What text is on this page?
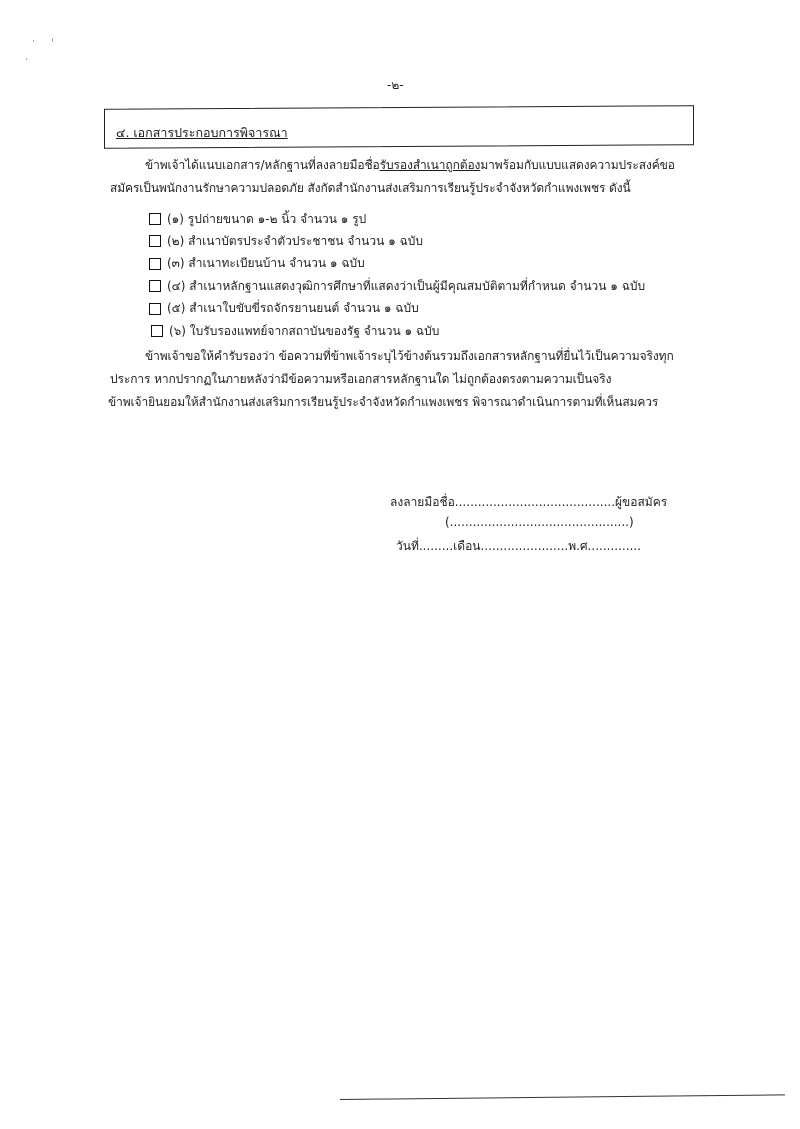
-๒-
๔. เอกสารประกอบการพิจารณา
ข้าพเจ้าได้แนบเอกสาร/หลักฐานที่ลงลายมือชื่อรับรองสำเนาถูกต้องมาพร้อมกับแบบแสดงความประสงค์ขอ
สมัครเป็นพนักงานรักษาความปลอดภัย สังกัดสำนักงานส่งเสริมการเรียนรู้ประจำจังหวัดกำแพงเพชร ดังนี้
(๑) รูปถ่ายขนาด ๑-๒ นิ้ว จำนวน ๑ รูป
(๒) สำเนาบัตรประจำตัวประชาชน จำนวน ๑ ฉบับ
(๓) สำเนาทะเบียนบ้าน จำนวน ๑ ฉบับ
(๔) สำเนาหลักฐานแสดงวุฒิการศึกษาที่แสดงว่าเป็นผู้มีคุณสมบัติตามที่กำหนด จำนวน ๑ ฉบับ
(๕) สำเนาใบขับขี่รถจักรยานยนต์ จำนวน ๑ ฉบับ
(๖) ใบรับรองแพทย์จากสถาบันของรัฐ จำนวน ๑ ฉบับ
ข้าพเจ้าขอให้คำรับรองว่า ข้อความที่ข้าพเจ้าระบุไว้ข้างต้นรวมถึงเอกสารหลักฐานที่ยื่นไว้เป็นความจริงทุก
ประการ หากปรากฏในภายหลังว่ามีข้อความหรือเอกสารหลักฐานใด ไม่ถูกต้องตรงตามความเป็นจริง
ข้าพเจ้ายินยอมให้สำนักงานส่งเสริมการเรียนรู้ประจำจังหวัดกำแพงเพชร พิจารณาดำเนินการตามที่เห็นสมควร
ลงลายมือชื่อ..........................................ผู้ขอสมัคร
(...............................................)
วันที่.........เดือน.......................พ.ศ..............
